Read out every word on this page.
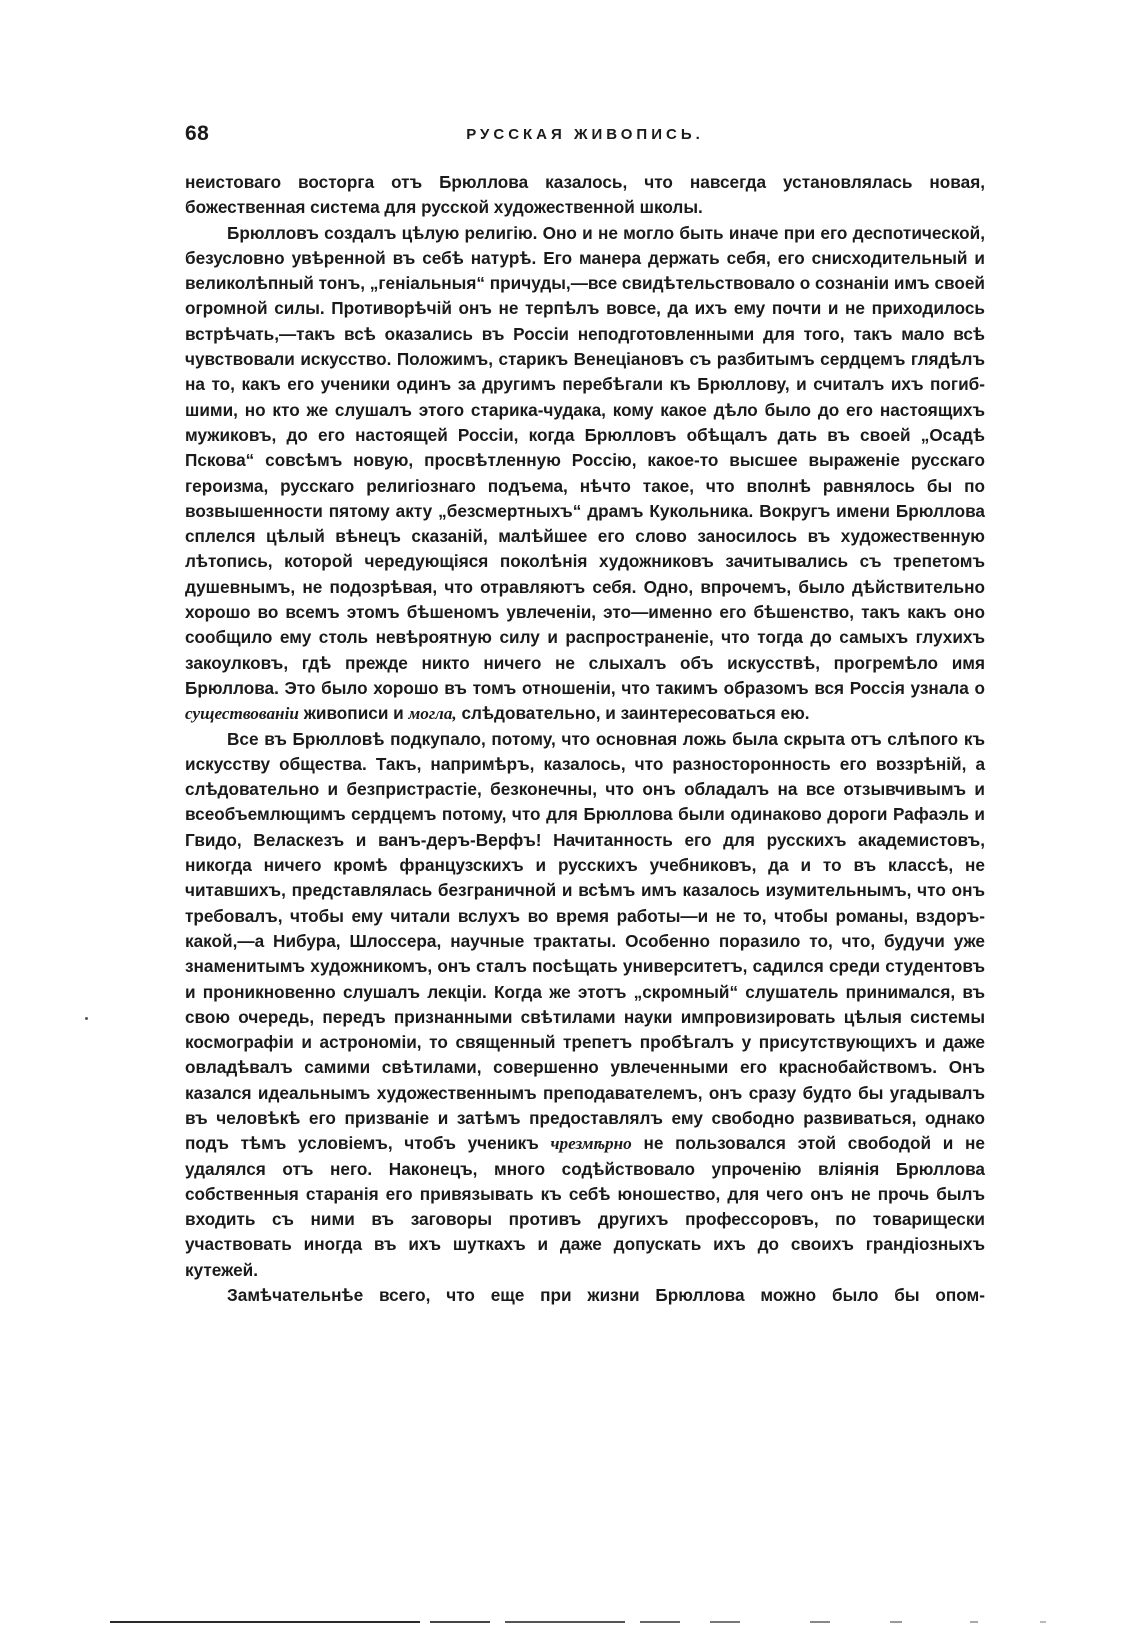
68	РУССКАЯ ЖИВОПИСЬ.

неистоваго восторга отъ Брюллова казалось, что навсегда установлялась новая, божественная система для русской художественной школы.

Брюлловъ создалъ цѣлую религію. Оно и не могло быть иначе при его деспотической, безусловно увѣренной въ себѣ натурѣ. Его манера держать себя, его снисходительный и великолѣпный тонъ, „геніальныя“ причуды,—все свидѣтельствовало о сознаніи имъ своей огромной силы. Противорѣчій онъ не терпѣлъ вовсе, да ихъ ему почти и не приходилось встрѣчать,—такъ всѣ оказались въ Россіи неподготовленными для того, такъ мало всѣ чувствовали искусство. Положимъ, старикъ Венеціановъ съ разбитымъ сердцемъ глядѣлъ на то, какъ его ученики одинъ за другимъ перебѣгали къ Брюллову, и считалъ ихъ погибшими, но кто же слушалъ этого старика-чудака, кому какое дѣло было до его настоящихъ мужиковъ, до его настоящей Россіи, когда Брюлловъ обѣщалъ дать въ своей „Осадѣ Пскова“ совсѣмъ новую, просвѣтленную Россію, какое-то высшее выраженіе русскаго героизма, русскаго религіознаго подъема, нѣчто такое, что вполнѣ равнялось бы по возвышенности пятому акту „безсмертныхъ“ драмъ Кукольника. Вокругъ имени Брюллова сплелся цѣлый вѣнецъ сказаній, малѣйшее его слово заносилось въ художественную лѣтопись, которой чередующіяся поколѣнія художниковъ зачитывались съ трепетомъ душевнымъ, не подозрѣвая, что отравляютъ себя. Одно, впрочемъ, было дѣйствительно хорошо во всемъ этомъ бѣшеномъ увлеченіи, это—именно его бѣшенство, такъ какъ оно сообщило ему столь невѣроятную силу и распространеніе, что тогда до самыхъ глухихъ закоулковъ, гдѣ прежде никто ничего не слыхалъ объ искусствѣ, прогремѣло имя Брюллова. Это было хорошо въ томъ отношеніи, что такимъ образомъ вся Россія узнала о существованіи живописи и могла, слѣдовательно, и заинтересоваться ею.

Все въ Брюлловѣ подкупало, потому, что основная ложь была скрыта отъ слѣпого къ искусству общества. Такъ, напримѣръ, казалось, что разносторонность его воззрѣній, а слѣдовательно и безпристрастіе, безконечны, что онъ обладалъ на все отзывчивымъ и всеобъемлющимъ сердцемъ потому, что для Брюллова были одинаково дороги Рафаэль и Гвидо, Веласкезъ и ванъ-деръ-Верфъ! Начитанность его для русскихъ академистовъ, никогда ничего кромѣ французскихъ и русскихъ учебниковъ, да и то въ классѣ, не читавшихъ, представлялась безграничной и всѣмъ имъ казалось изумительнымъ, что онъ требовалъ, чтобы ему читали вслухъ во время работы—и не то, чтобы романы, вздоръкакой,—а Нибура, Шлоссера, научные трактаты. Особенно поразило то, что, будучи уже знаменитымъ художникомъ, онъ сталъ посѣщать университетъ, садился среди студентовъ и проникновенно слушалъ лекціи. Когда же этотъ „скромный“ слушатель принимался, въ свою очередь, передъ признанными свѣтилами науки импровизировать цѣлыя системы космографіи и астрономіи, то священный трепетъ пробѣгалъ у присутствующихъ и даже овладѣвалъ самими свѣтилами, совершенно увлеченными его краснобайствомъ. Онъ казался идеальнымъ художественнымъ преподавателемъ, онъ сразу будто бы угадывалъ въ человѣкѣ его призваніе и затѣмъ предоставлялъ ему свободно развиваться, однако подъ тѣмъ условіемъ, чтобъ ученикъ чрезмѣрно не пользовался этой свободой и не удалялся отъ него. Наконецъ, много содѣйствовало упроченію вліянія Брюллова собственныя старанія его привязывать къ себѣ юношество, для чего онъ не прочь былъ входить съ ними въ заговоры противъ другихъ профессоровъ, по товарищески участвовать иногда въ ихъ шуткахъ и даже допускать ихъ до своихъ грандіозныхъ кутежей.

Замѣчательнѣе всего, что еще при жизни Брюллова можно было бы опом-
